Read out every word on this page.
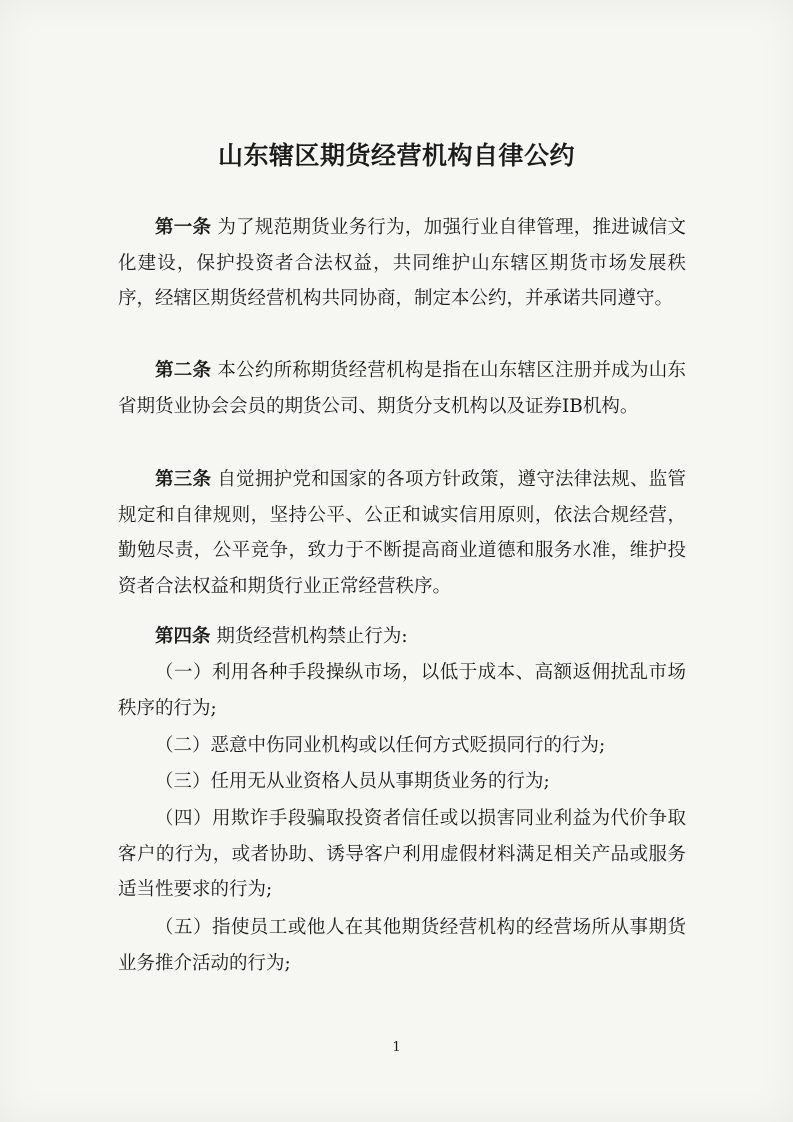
山东辖区期货经营机构自律公约

第一条 为了规范期货业务行为，加强行业自律管理，推进诚信文化建设，保护投资者合法权益，共同维护山东辖区期货市场发展秩序，经辖区期货经营机构共同协商，制定本公约，并承诺共同遵守。

第二条 本公约所称期货经营机构是指在山东辖区注册并成为山东省期货业协会会员的期货公司、期货分支机构以及证券IB机构。

第三条 自觉拥护党和国家的各项方针政策，遵守法律法规、监管规定和自律规则，坚持公平、公正和诚实信用原则，依法合规经营，勤勉尽责，公平竞争，致力于不断提高商业道德和服务水准，维护投资者合法权益和期货行业正常经营秩序。

第四条 期货经营机构禁止行为:

（一）利用各种手段操纵市场，以低于成本、高额返佣扰乱市场秩序的行为;

（二）恶意中伤同业机构或以任何方式贬损同行的行为;

（三）任用无从业资格人员从事期货业务的行为;

（四）用欺诈手段骗取投资者信任或以损害同业利益为代价争取客户的行为，或者协助、诱导客户利用虚假材料满足相关产品或服务适当性要求的行为;

（五）指使员工或他人在其他期货经营机构的经营场所从事期货业务推介活动的行为;

1
